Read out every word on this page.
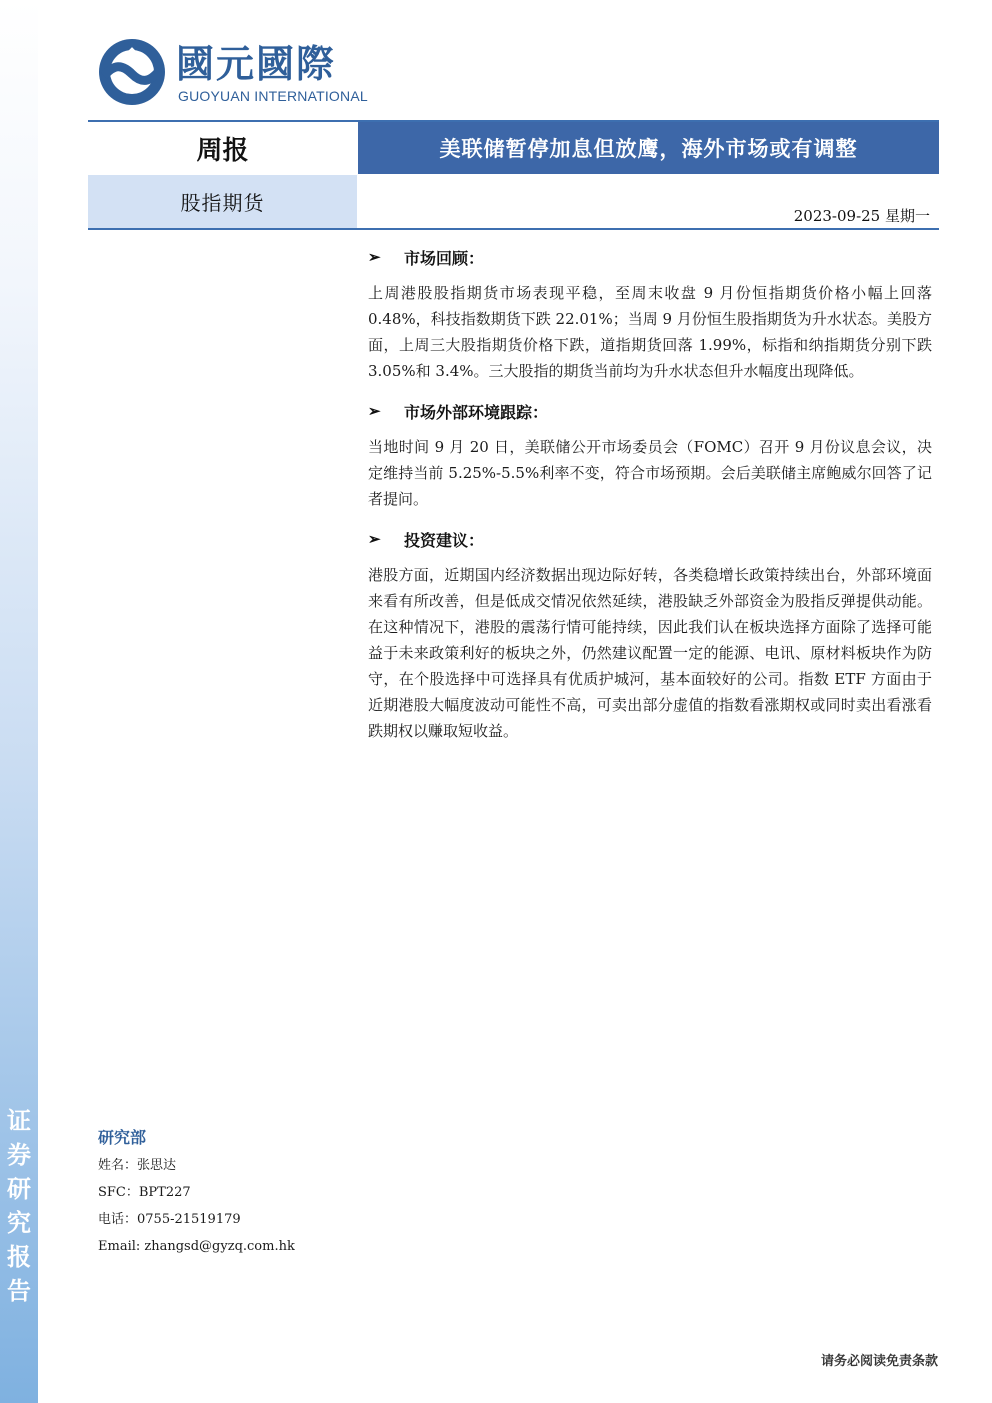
证券研究报告
國元國際
GUOYUAN INTERNATIONAL
周报	美联储暂停加息但放鹰，海外市场或有调整
股指期货
2023-09-25 星期一
➢	市场回顾：
上周港股股指期货市场表现平稳，至周末收盘 9 月份恒指期货价格小幅上回落 0.48%，科技指数期货下跌 22.01%；当周 9 月份恒生股指期货为升水状态。美股方面，上周三大股指期货价格下跌，道指期货回落 1.99%，标指和纳指期货分别下跌 3.05%和 3.4%。三大股指的期货当前均为升水状态但升水幅度出现降低。
➢	市场外部环境跟踪：
当地时间 9 月 20 日，美联储公开市场委员会（FOMC）召开 9 月份议息会议，决定维持当前 5.25%-5.5%利率不变，符合市场预期。会后美联储主席鲍威尔回答了记者提问。
➢	投资建议：
港股方面，近期国内经济数据出现边际好转，各类稳增长政策持续出台，外部环境面来看有所改善，但是低成交情况依然延续，港股缺乏外部资金为股指反弹提供动能。在这种情况下，港股的震荡行情可能持续，因此我们认在板块选择方面除了选择可能益于未来政策利好的板块之外，仍然建议配置一定的能源、电讯、原材料板块作为防守，在个股选择中可选择具有优质护城河，基本面较好的公司。指数 ETF 方面由于近期港股大幅度波动可能性不高，可卖出部分虚值的指数看涨期权或同时卖出看涨看跌期权以赚取短收益。
研究部
姓名：张思达
SFC：BPT227
电话：0755-21519179
Email: zhangsd@gyzq.com.hk
请务必阅读免责条款
